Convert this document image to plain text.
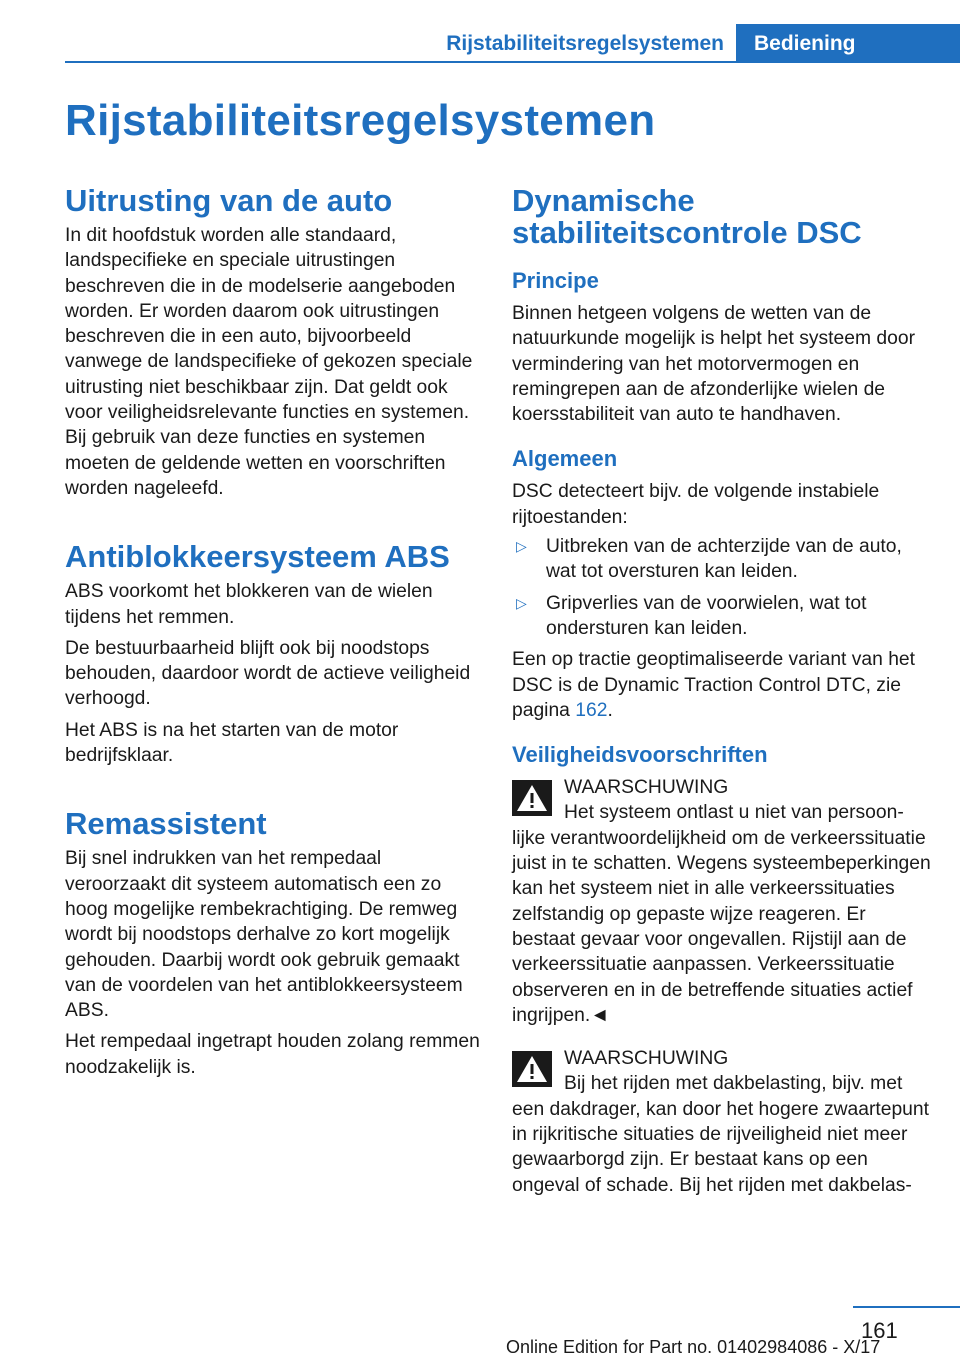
Rijstabiliteitsregelsystemen Bediening
Rijstabiliteitsregelsystemen
Uitrusting van de auto

In dit hoofdstuk worden alle standaard, landspecifieke en speciale uitrustingen beschreven die in de modelserie aangeboden worden. Er worden daarom ook uitrustingen beschreven die in een auto, bijvoorbeeld vanwege de landspecifieke of gekozen speciale uitrusting niet beschikbaar zijn. Dat geldt ook voor veiligheidsrelevante functies en systemen. Bij gebruik van deze functies en systemen moeten de geldende wetten en voorschriften worden nageleefd.

Antiblokkeersysteem ABS

ABS voorkomt het blokkeren van de wielen tijdens het remmen.

De bestuurbaarheid blijft ook bij noodstops behouden, daardoor wordt de actieve veiligheid verhoogd.

Het ABS is na het starten van de motor bedrijfsklaar.

Remassistent

Bij snel indrukken van het rempedaal veroorzaakt dit systeem automatisch een zo hoog mogelijke rembekrachtiging. De remweg wordt bij noodstops derhalve zo kort mogelijk gehouden. Daarbij wordt ook gebruik gemaakt van de voordelen van het antiblokkeersysteem ABS.

Het rempedaal ingetrapt houden zolang remmen noodzakelijk is.

Dynamische stabiliteitscontrole DSC
Principe

Binnen hetgeen volgens de wetten van de natuurkunde mogelijk is helpt het systeem door vermindering van het motorvermogen en remingrepen aan de afzonderlijke wielen de koersstabiliteit van auto te handhaven.

Algemeen

DSC detecteert bijv. de volgende instabiele rijtoestanden:

▷ Uitbreken van de achterzijde van de auto, wat tot oversturen kan leiden.
▷ Gripverlies van de voorwielen, wat tot ondersturen kan leiden.

Een op tractie geoptimaliseerde variant van het DSC is de Dynamic Traction Control DTC, zie pagina 162.

Veiligheidsvoorschriften
WAARSCHUWING
Het systeem ontlast u niet van persoon-
lijke verantwoordelijkheid om de verkeerssituatie juist in te schatten. Wegens systeembeperkingen kan het systeem niet in alle verkeerssituaties zelfstandig op gepaste wijze reageren. Er bestaat gevaar voor ongevallen. Rijstijl aan de verkeerssituatie aanpassen. Verkeerssituatie observeren en in de betreffende situaties actief ingrijpen.◄
WAARSCHUWING
Bij het rijden met dakbelasting, bijv. met
een dakdrager, kan door het hogere zwaartepunt in rijkritische situaties de rijveiligheid niet meer gewaarborgd zijn. Er bestaat kans op een ongeval of schade. Bij het rijden met dakbelas-
161
Online Edition for Part no. 01402984086 - X/17
